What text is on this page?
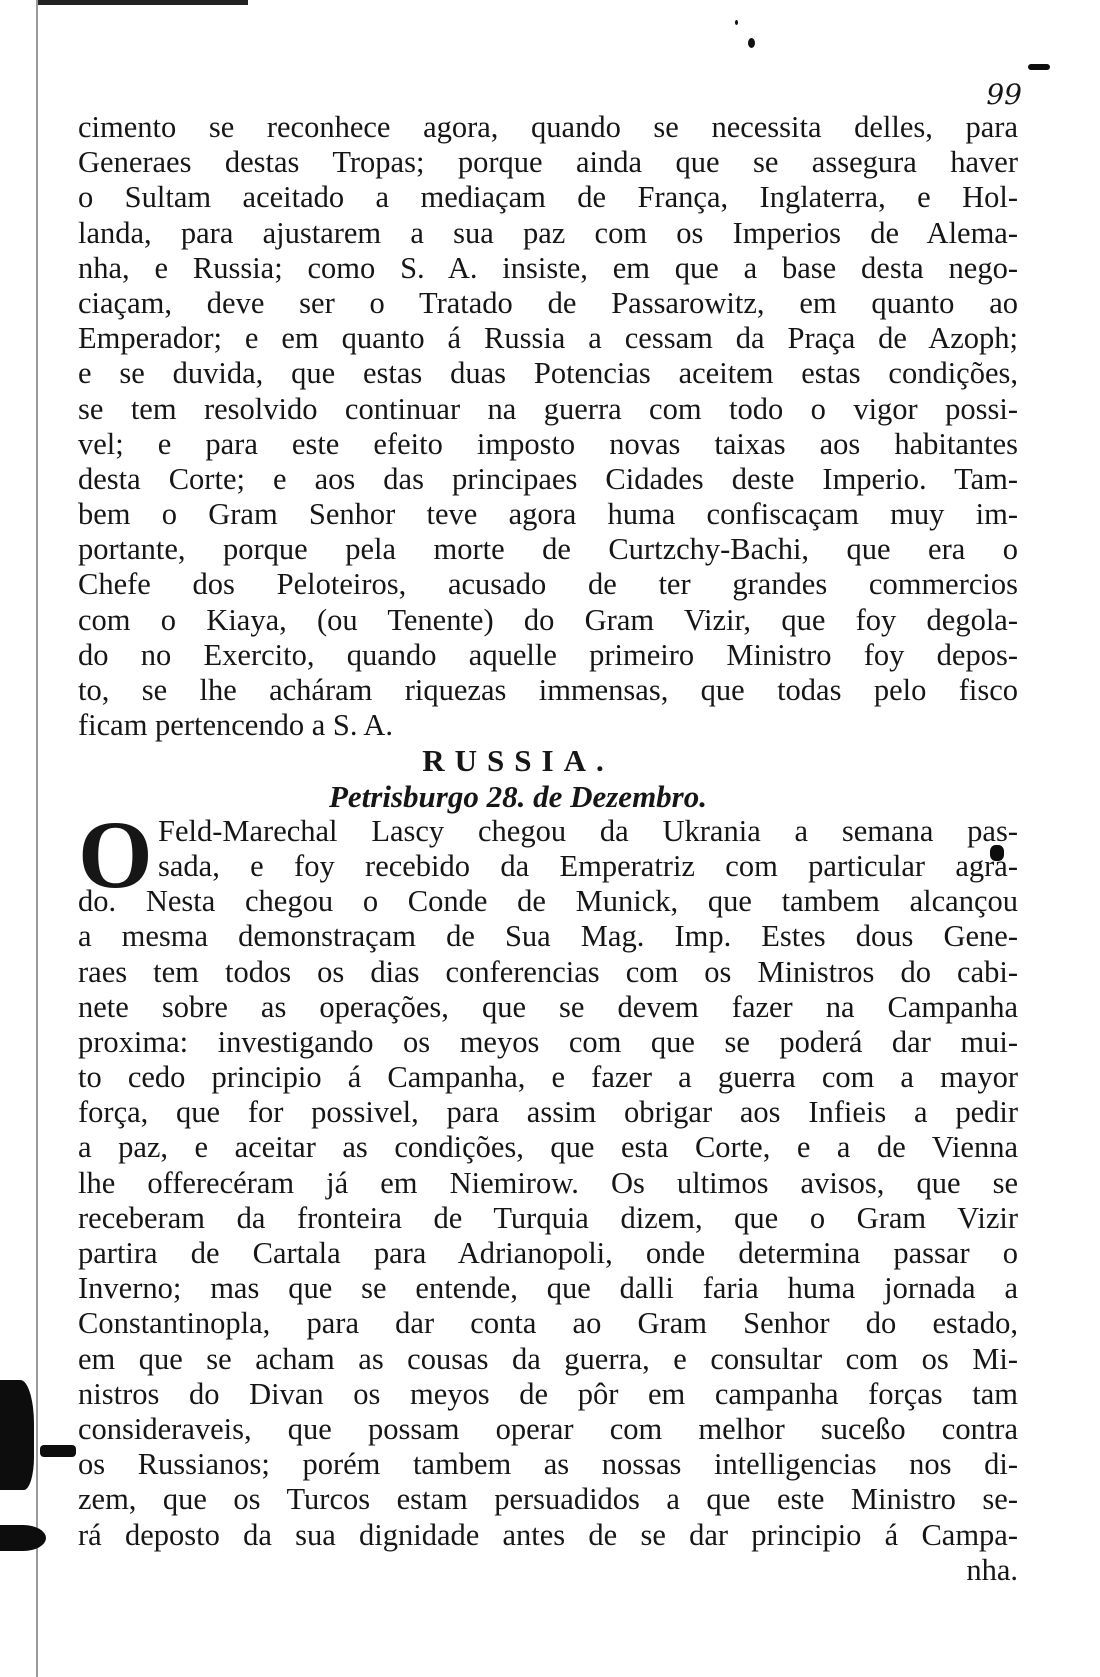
99
cimento se reconhece agora, quando se necessita delles, para
Generaes destas Tropas; porque ainda que se assegura haver
o Sultam aceitado a mediaçam de França, Inglaterra, e Hol-
landa, para ajustarem a sua paz com os Imperios de Alema-
nha, e Russia; como S. A. insiste, em que a base desta nego-
ciaçam, deve ser o Tratado de Passarowitz, em quanto ao
Emperador; e em quanto á Russia a cessam da Praça de Azoph;
e se duvida, que estas duas Potencias aceitem estas condições,
se tem resolvido continuar na guerra com todo o vigor possi-
vel; e para este efeito imposto novas taixas aos habitantes
desta Corte; e aos das principaes Cidades deste Imperio. Tam-
bem o Gram Senhor teve agora huma confiscaçam muy im-
portante, porque pela morte de Curtzchy-Bachi, que era o
Chefe dos Peloteiros, acusado de ter grandes commercios
com o Kiaya, (ou Tenente) do Gram Vizir, que foy degola-
do no Exercito, quando aquelle primeiro Ministro foy depos-
to, se lhe acháram riquezas immensas, que todas pelo fisco
ficam pertencendo a S. A.
RUSSIA.
Petrisburgo 28. de Dezembro.
O Feld-Marechal Lascy chegou da Ukrania a semana pas-
sada, e foy recebido da Emperatriz com particular agra-
do. Nesta chegou o Conde de Munick, que tambem alcançou
a mesma demonstraçam de Sua Mag. Imp. Estes dous Gene-
raes tem todos os dias conferencias com os Ministros do cabi-
nete sobre as operações, que se devem fazer na Campanha
proxima: investigando os meyos com que se poderá dar mui-
to cedo principio á Campanha, e fazer a guerra com a mayor
força, que for possivel, para assim obrigar aos Infieis a pedir
a paz, e aceitar as condições, que esta Corte, e a de Vienna
lhe offerecéram já em Niemirow. Os ultimos avisos, que se
receberam da fronteira de Turquia dizem, que o Gram Vizir
partira de Cartala para Adrianopoli, onde determina passar o
Inverno; mas que se entende, que dalli faria huma jornada a
Constantinopla, para dar conta ao Gram Senhor do estado,
em que se acham as cousas da guerra, e consultar com os Mi-
nistros do Divan os meyos de pôr em campanha forças tam
consideraveis, que possam operar com melhor suceßo contra
os Russianos; porém tambem as nossas intelligencias nos di-
zem, que os Turcos estam persuadidos a que este Ministro se-
rá deposto da sua dignidade antes de se dar principio á Campa-
nha.
